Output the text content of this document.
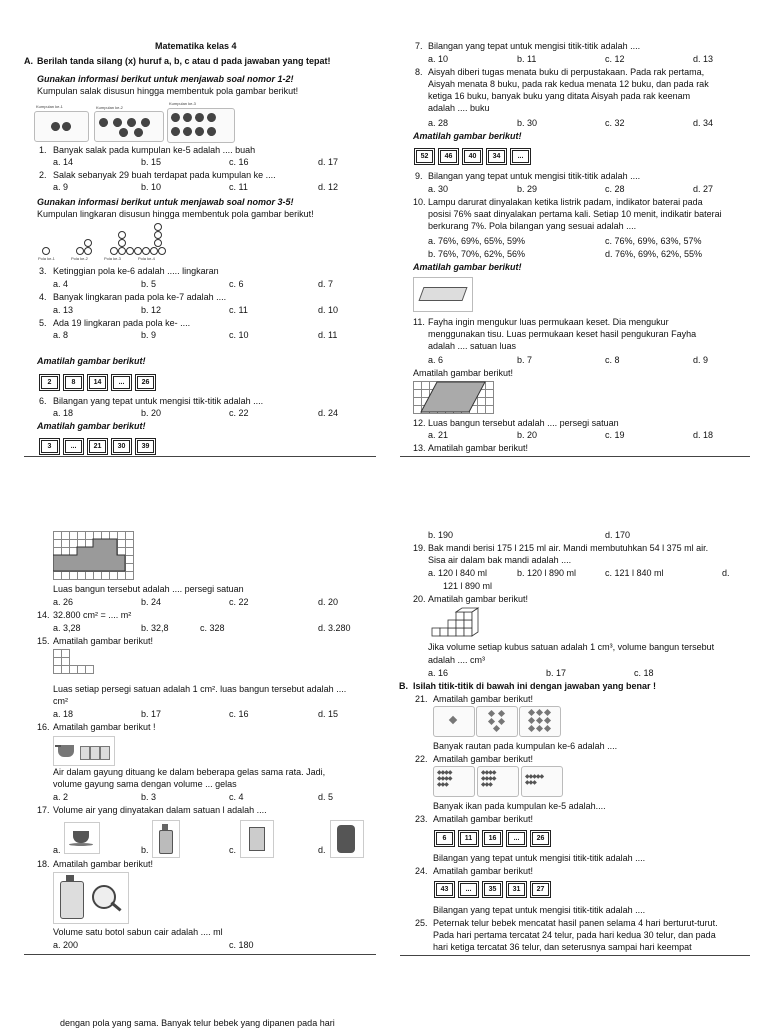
Matematika kelas 4
A. Berilah tanda silang (x) huruf a, b, c atau d pada jawaban yang tepat!
Gunakan informasi berikut untuk menjawab soal nomor 1-2!
Kumpulan salak disusun hingga membentuk pola gambar berikut!
Kumpulan ke-1	Kumpulan ke-2
Kumpulan ke-3
1. Banyak salak pada kumpulan ke-5 adalah .... buah
a. 14	b. 15	c. 16	d. 17
2. Salak sebanyak 29 buah terdapat pada kumpulan ke ....
a. 9	b. 10	c. 11	d. 12
Gunakan informasi berikut untuk menjawab soal nomor 3-5!
Kumpulan lingkaran disusun hingga membentuk pola gambar berikut!
Pola ke-1	Pola ke-2	Pola ke-3	Pola ke-4
3. Ketinggian pola ke-6 adalah ..... lingkaran
a. 4	b. 5	c. 6	d. 7
4. Banyak lingkaran pada pola ke-7 adalah ....
a. 13	b. 12	c. 11	d. 10
5. Ada 19 lingkaran pada pola ke- ....
a. 8	b. 9	c. 10	d. 11
Amatilah gambar berikut!
2	8	14	...	26
6. Bilangan yang tepat untuk mengisi ttik-titik adalah ....
a. 18	b. 20	c. 22	d. 24
Amatilah gambar berikut!
3	...	21	30	39
7. Bilangan yang tepat untuk mengisi titik-titik adalah ....
a. 10	b. 11	c. 12	d. 13
8. Aisyah diberi tugas menata buku di perpustakaan. Pada rak pertama,
Aisyah menata 8 buku, pada rak kedua menata 12 buku, dan pada rak
ketiga 16 buku, banyak buku yang ditata Aisyah pada rak keenam
adalah .... buku
a. 28	b. 30	c. 32	d. 34
Amatilah gambar berikut!
52	46	40	34	...
9. Bilangan yang tepat untuk mengisi titik-titik adalah ....
a. 30	b. 29	c. 28	d. 27
10. Lampu darurat dinyalakan ketika listrik padam, indikator baterai pada
posisi 76% saat dinyalakan pertama kali. Setiap 10 menit, indikatir baterai
berkurang 7%. Pola bilangan yang sesuai adalah ....
a. 76%, 69%, 65%, 59%	c. 76%, 69%, 63%, 57%
b. 76%, 70%, 62%, 56%	d. 76%, 69%, 62%, 55%
Amatilah gambar berikut!
11. Fayha ingin mengukur luas permukaan keset. Dia mengukur
menggunakan tisu. Luas permukaan keset hasil pengukuran Fayha
adalah .... satuan luas
a. 6	b. 7	c. 8	d. 9
Amatilah gambar berikut!
12. Luas bangun tersebut adalah .... persegi satuan
a. 21	b. 20	c. 19	d. 18
13. Amatilah gambar berikut!
Luas bangun tersebut adalah .... persegi satuan
a. 26	b. 24	c. 22	d. 20
14. 32.800 cm² = .... m²
a. 3,28	b. 32,8	c. 328	d. 3.280
15. Amatilah gambar berikut!
Luas setiap persegi satuan adalah 1 cm². luas bangun tersebut adalah ....
cm²
a. 18	b. 17	c. 16	d. 15
16. Amatilah gambar berikut !
Air dalam gayung dituang ke dalam beberapa gelas sama rata. Jadi,
volume gayung sama dengan volume ... gelas
a. 2	b. 3	c. 4	d. 5
17. Volume air yang dinyatakan dalam satuan l adalah ....
a.	b.	c.	d.
18. Amatilah gambar berikut!
Volume satu botol sabun cair adalah .... ml
a. 200	c. 180
b. 190	d. 170
19. Bak mandi berisi 175 l 215 ml air. Mandi membutuhkan 54 l 375 ml air.
Sisa air dalam bak mandi adalah ....
a. 120 l 840 ml	b. 120 l 890 ml	c. 121 l 840 ml	d.
121 l 890 ml
20. Amatilah gambar berikut!
Jika volume setiap kubus satuan adalah 1 cm³, volume bangun tersebut
adalah .... cm³
a. 16	b. 17	c. 18
B. Isilah titik-titik di bawah ini dengan jawaban yang benar !
21. Amatilah gambar berikut!
Banyak rautan pada kumpulan ke-6 adalah ....
22. Amatilah gambar berikut!
◆◆◆◆
◆◆◆◆
◆◆◆
◆◆◆◆
◆◆◆◆
◆◆◆
◆◆◆◆◆
◆◆◆
Banyak ikan pada kumpulan ke-5 adalah....
23. Amatilah gambar berikut!
6	11	16	...	26
Bilangan yang tepat untuk mengisi titik-titik adalah ....
24. Amatilah gambar berikut!
43	...	35	31	27
Bilangan yang tepat untuk mengisi titik-titik adalah ....
25. Peternak telur bebek mencatat hasil panen selama 4 hari berturut-turut.
Pada hari pertama tercatat 24 telur, pada hari kedua 30 telur, dan pada
hari ketiga tercatat 36 telur, dan seterusnya sampai hari keempat
dengan pola yang sama. Banyak telur bebek yang dipanen pada hari
